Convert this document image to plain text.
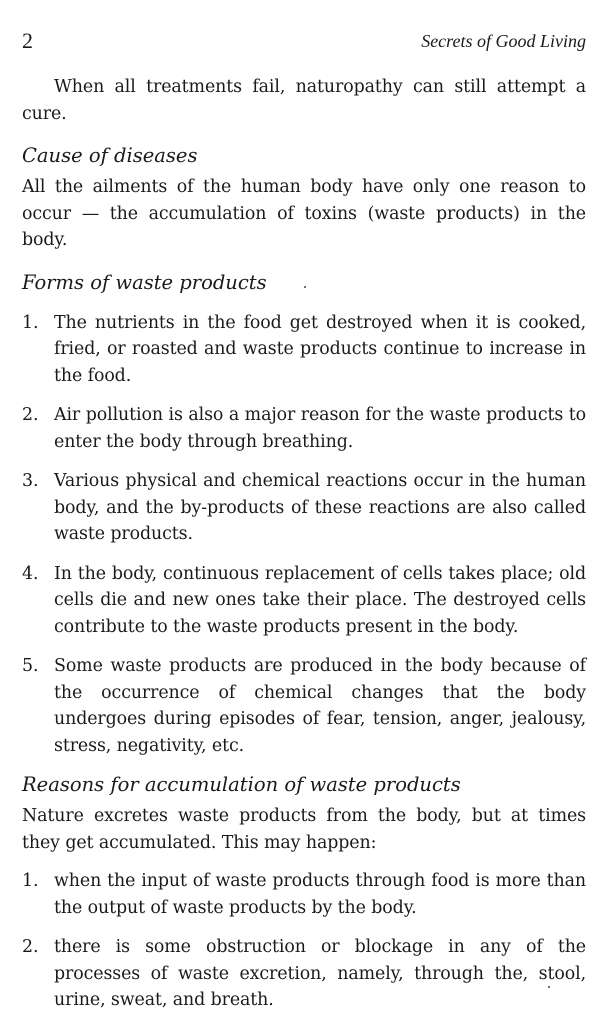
2	Secrets of Good Living

When all treatments fail, naturopathy can still attempt a cure.

Cause of diseases

All the ailments of the human body have only one reason to occur — the accumulation of toxins (waste products) in the body.

Forms of waste products
1. The nutrients in the food get destroyed when it is cooked, fried, or roasted and waste products continue to increase in the food.
2. Air pollution is also a major reason for the waste products to enter the body through breathing.
3. Various physical and chemical reactions occur in the human body, and the by-products of these reactions are also called waste products.
4. In the body, continuous replacement of cells takes place; old cells die and new ones take their place. The destroyed cells contribute to the waste products present in the body.
5. Some waste products are produced in the body because of the occurrence of chemical changes that the body undergoes during episodes of fear, tension, anger, jealousy, stress, negativity, etc.
Reasons for accumulation of waste products

Nature excretes waste products from the body, but at times they get accumulated. This may happen:

1. when the input of waste products through food is more than the output of waste products by the body.
2. there is some obstruction or blockage in any of the processes of waste excretion, namely, through the, stool, urine, sweat, and breath.
